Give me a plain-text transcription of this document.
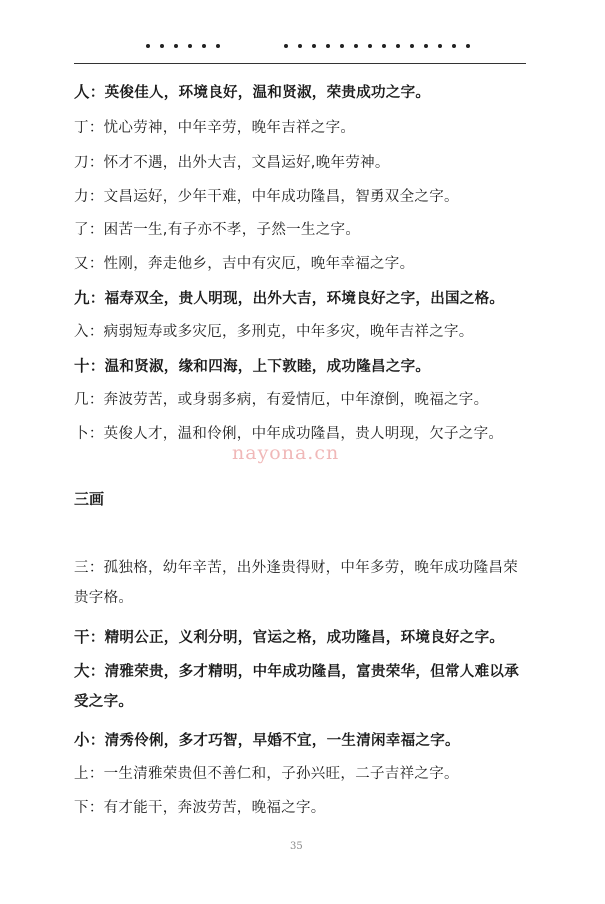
人：英俊佳人，环境良好，温和贤淑，荣贵成功之字。
丁：忧心劳神，中年辛劳，晚年吉祥之字。
刀：怀才不遇，出外大吉，文昌运好,晚年劳神。
力：文昌运好，少年干难，中年成功隆昌，智勇双全之字。
了：困苦一生,有子亦不孝，子然一生之字。
又：性刚，奔走他乡，吉中有灾厄，晚年幸福之字。
九：福寿双全，贵人明现，出外大吉，环境良好之字，出国之格。
入：病弱短寿或多灾厄，多刑克，中年多灾，晚年吉祥之字。
十：温和贤淑，缘和四海，上下敦睦，成功隆昌之字。
几：奔波劳苦，或身弱多病，有爱情厄，中年潦倒，晚福之字。
卜：英俊人才，温和伶俐，中年成功隆昌，贵人明现，欠子之字。
nayona.cn
三画
三：孤独格，幼年辛苦，出外逢贵得财，中年多劳，晚年成功隆昌荣贵字格。
干：精明公正，义利分明，官运之格，成功隆昌，环境良好之字。
大：清雅荣贵，多才精明，中年成功隆昌，富贵荣华，但常人难以承受之字。
小：清秀伶俐，多才巧智，早婚不宜，一生清闲幸福之字。
上：一生清雅荣贵但不善仁和，子孙兴旺，二子吉祥之字。
下：有才能干，奔波劳苦，晚福之字。
35
